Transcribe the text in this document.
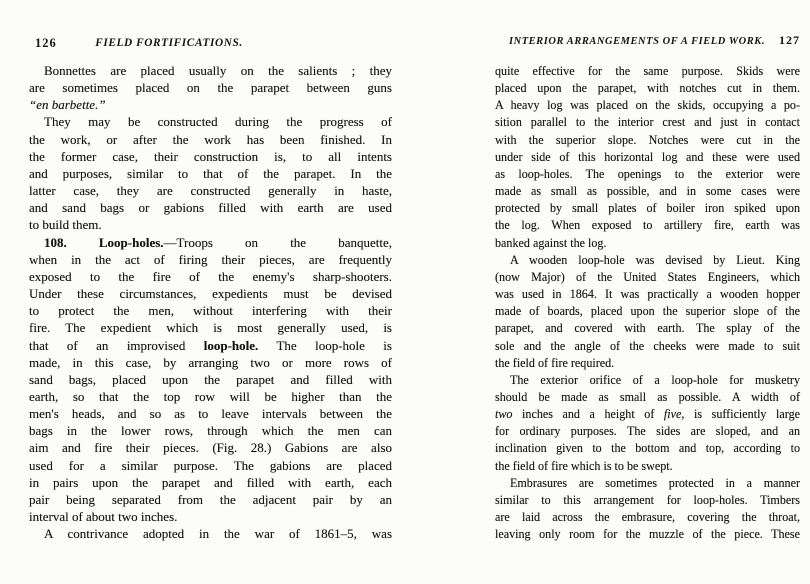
126	FIELD FORTIFICATIONS.
Bonnettes are placed usually on the salients ; they
are sometimes placed on the parapet between guns
“en barbette.”
They may be constructed during the progress of
the work, or after the work has been finished. In
the former case, their construction is, to all intents
and purposes, similar to that of the parapet. In the
latter case, they are constructed generally in haste,
and sand bags or gabions filled with earth are used
to build them.
108. Loop-holes.—Troops on the banquette,
when in the act of firing their pieces, are frequently
exposed to the fire of the enemy's sharp-shooters.
Under these circumstances, expedients must be devised
to protect the men, without interfering with their
fire. The expedient which is most generally used, is
that of an improvised loop-hole. The loop-hole is
made, in this case, by arranging two or more rows of
sand bags, placed upon the parapet and filled with
earth, so that the top row will be higher than the
men's heads, and so as to leave intervals between the
bags in the lower rows, through which the men can
aim and fire their pieces. (Fig. 28.) Gabions are also
used for a similar purpose. The gabions are placed
in pairs upon the parapet and filled with earth, each
pair being separated from the adjacent pair by an
interval of about two inches.
A contrivance adopted in the war of 1861–5, was
INTERIOR ARRANGEMENTS OF A FIELD WORK.	127
quite effective for the same purpose. Skids were
placed upon the parapet, with notches cut in them.
A heavy log was placed on the skids, occupying a po-
sition parallel to the interior crest and just in contact
with the superior slope. Notches were cut in the
under side of this horizontal log and these were used
as loop-holes. The openings to the exterior were
made as small as possible, and in some cases were
protected by small plates of boiler iron spiked upon
the log. When exposed to artillery fire, earth was
banked against the log.
A wooden loop-hole was devised by Lieut. King
(now Major) of the United States Engineers, which
was used in 1864. It was practically a wooden hopper
made of boards, placed upon the superior slope of the
parapet, and covered with earth. The splay of the
sole and the angle of the cheeks were made to suit
the field of fire required.
The exterior orifice of a loop-hole for musketry
should be made as small as possible. A width of
two inches and a height of five, is sufficiently large
for ordinary purposes. The sides are sloped, and an
inclination given to the bottom and top, according to
the field of fire which is to be swept.
Embrasures are sometimes protected in a manner
similar to this arrangement for loop-holes. Timbers
are laid across the embrasure, covering the throat,
leaving only room for the muzzle of the piece. These
